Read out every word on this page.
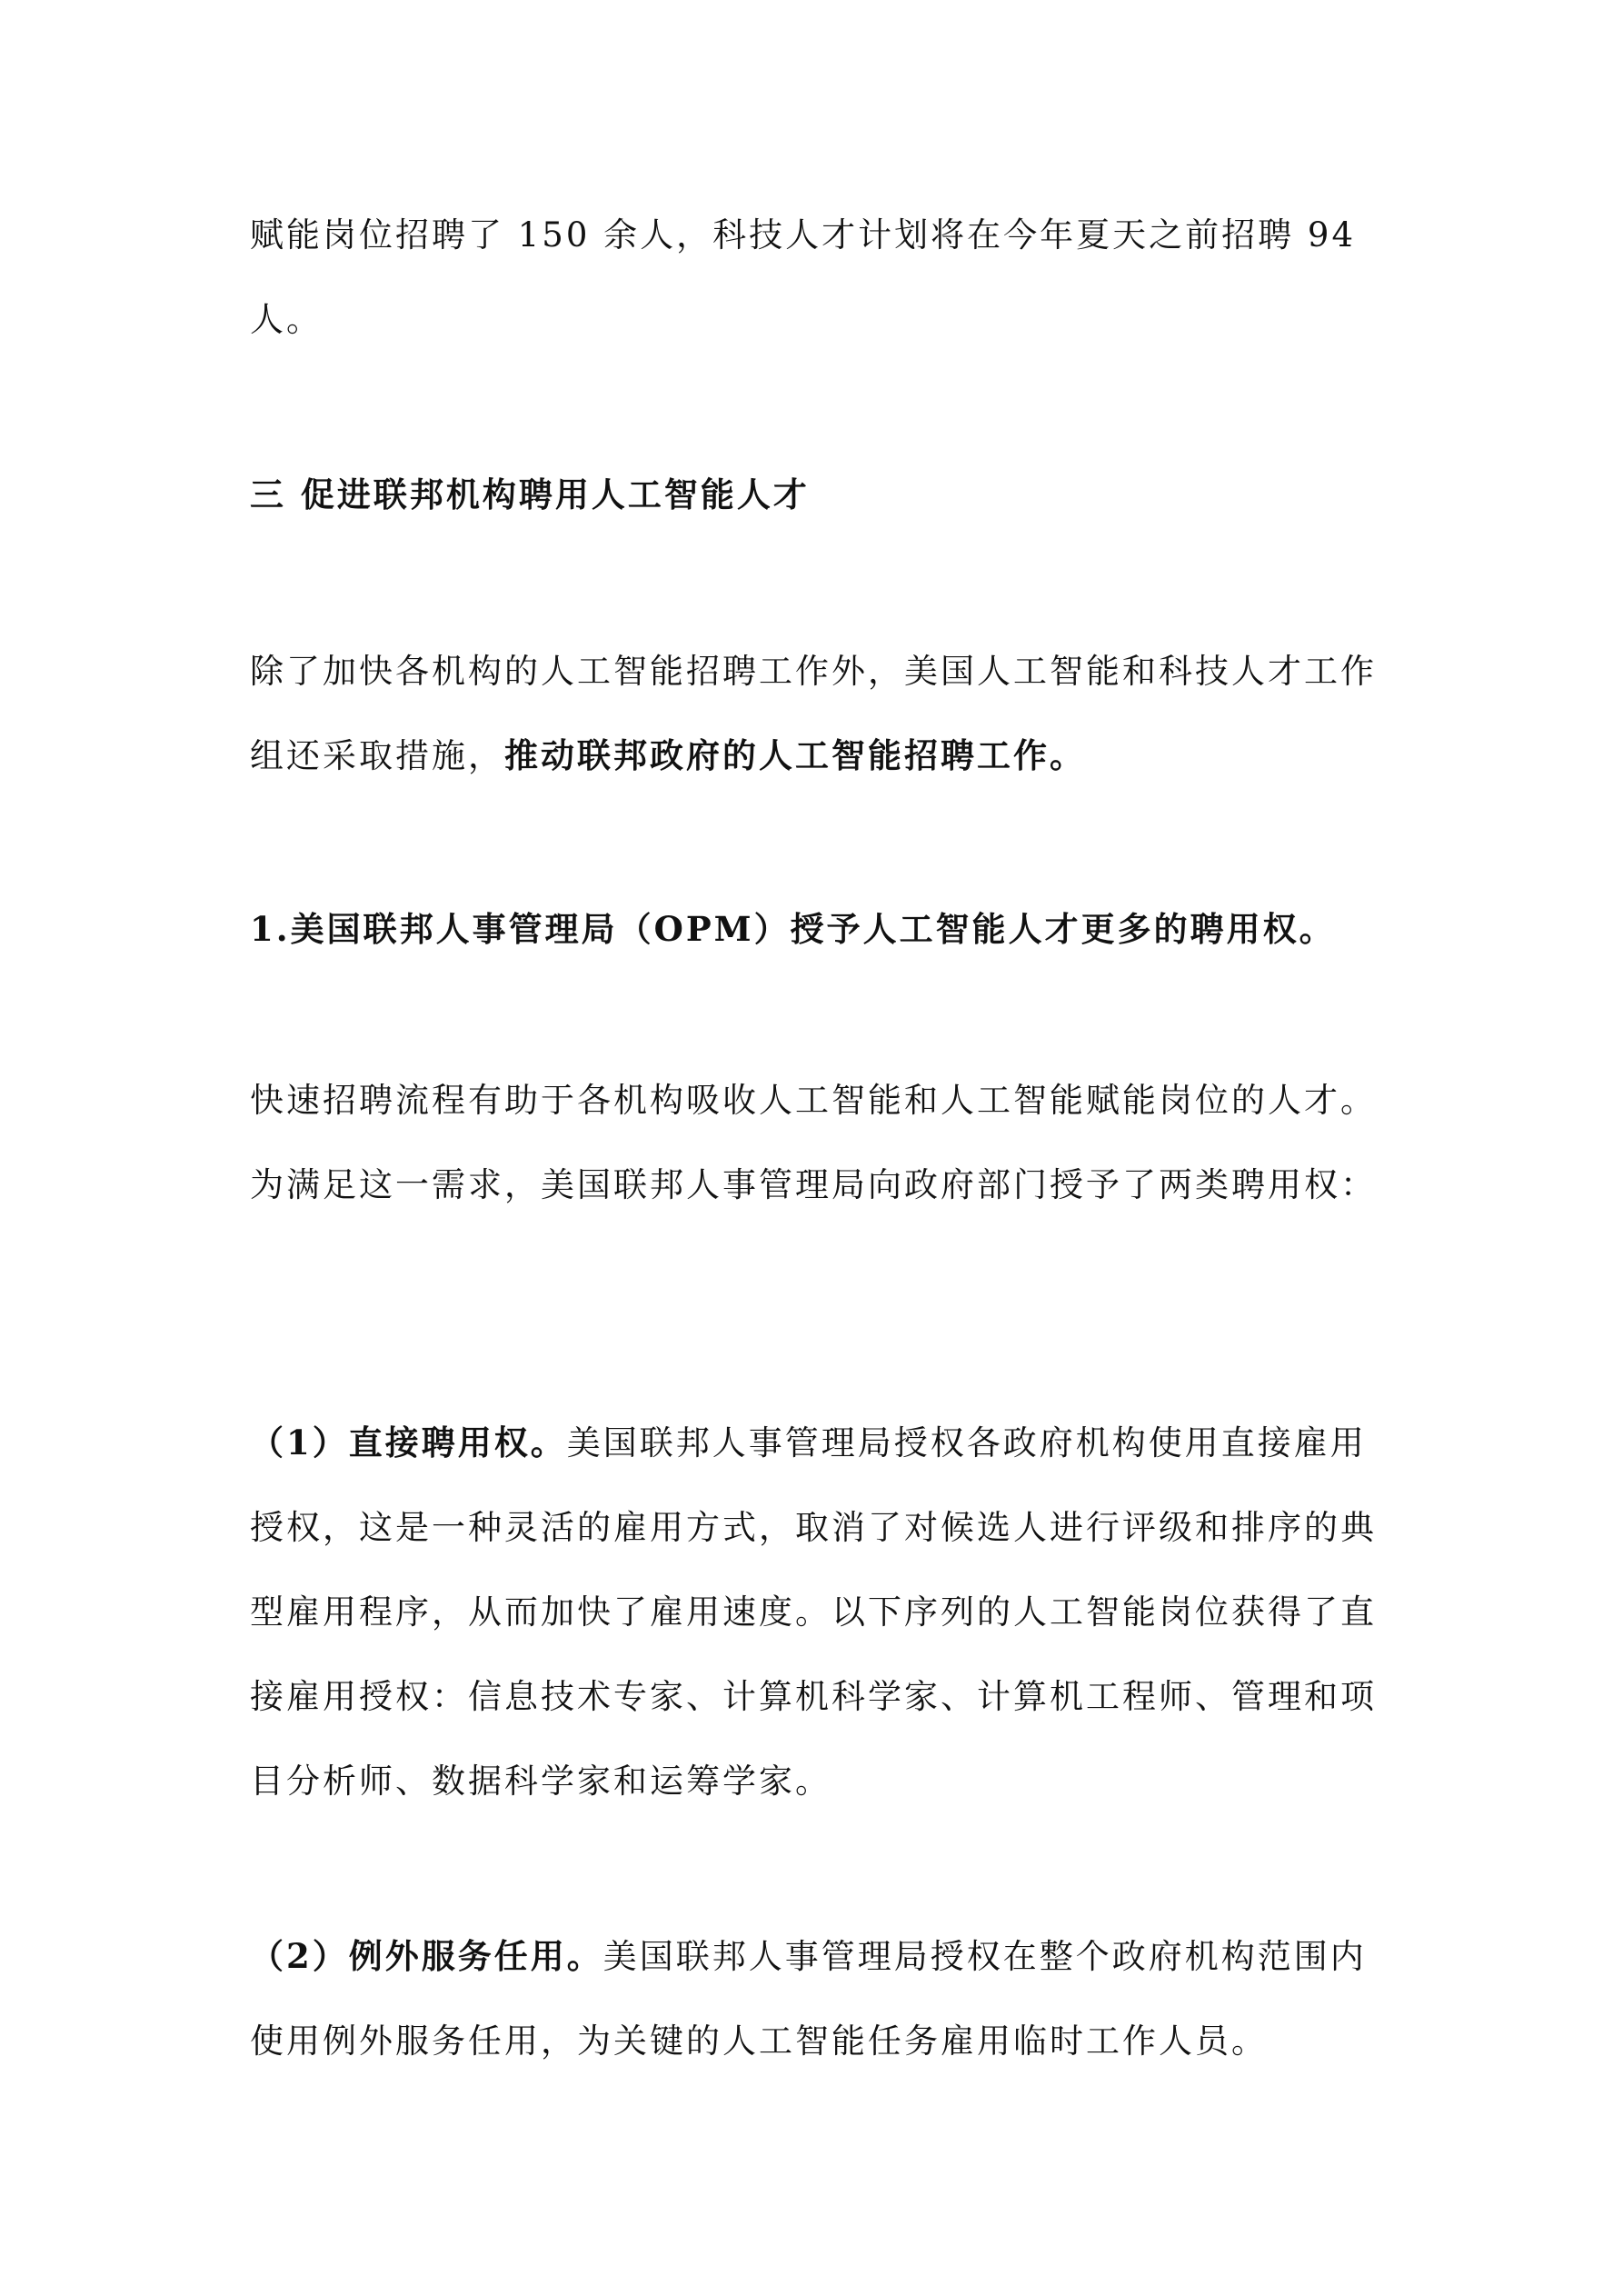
赋能岗位招聘了 150 余人，科技人才计划将在今年夏天之前招聘 94 人。

三 促进联邦机构聘用人工智能人才

除了加快各机构的人工智能招聘工作外，美国人工智能和科技人才工作组还采取措施，推动联邦政府的人工智能招聘工作。

1.美国联邦人事管理局（OPM）授予人工智能人才更多的聘用权。

快速招聘流程有助于各机构吸收人工智能和人工智能赋能岗位的人才。为满足这一需求，美国联邦人事管理局向政府部门授予了两类聘用权：

（1）直接聘用权。美国联邦人事管理局授权各政府机构使用直接雇用授权，这是一种灵活的雇用方式，取消了对候选人进行评级和排序的典型雇用程序，从而加快了雇用速度。以下序列的人工智能岗位获得了直接雇用授权：信息技术专家、计算机科学家、计算机工程师、管理和项目分析师、数据科学家和运筹学家。

（2）例外服务任用。美国联邦人事管理局授权在整个政府机构范围内使用例外服务任用，为关键的人工智能任务雇用临时工作人员。
